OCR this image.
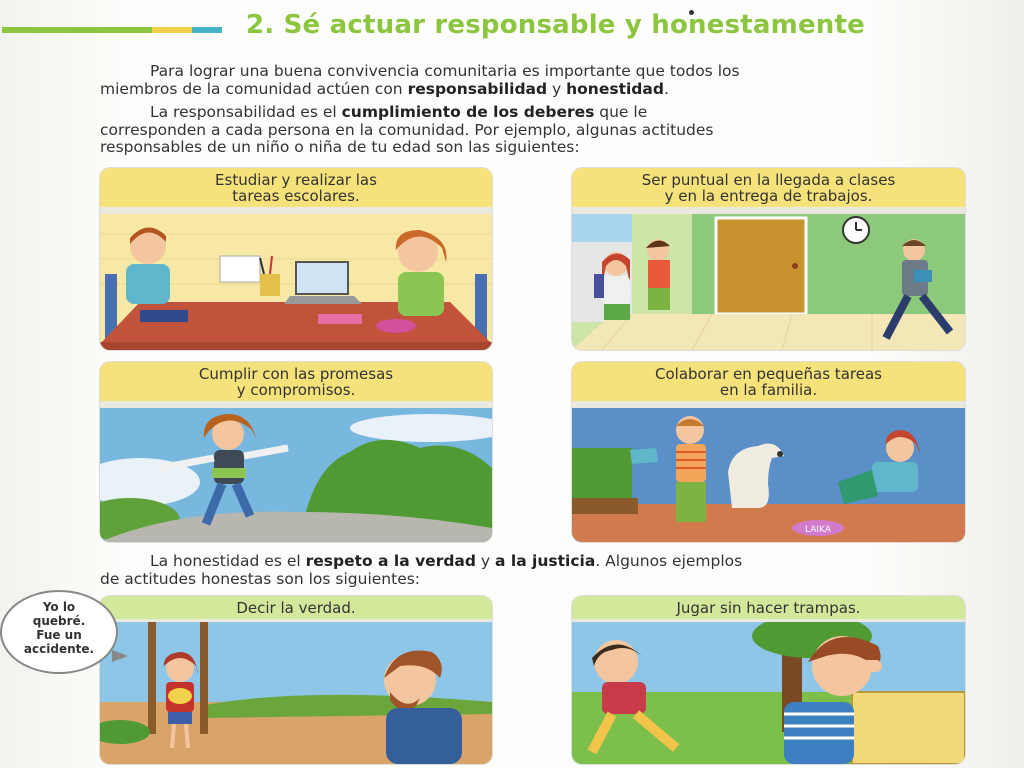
2. Sé actuar responsable y honestamente
Para lograr una buena convivencia comunitaria es importante que todos los
miembros de la comunidad actúen con responsabilidad y honestidad.
La responsabilidad es el cumplimiento de los deberes que le
corresponden a cada persona en la comunidad. Por ejemplo, algunas actitudes
responsables de un niño o niña de tu edad son las siguientes:
Estudiar y realizar las
tareas escolares.
Ser puntual en la llegada a clases
y en la entrega de trabajos.
Cumplir con las promesas
y compromisos.
Colaborar en pequeñas tareas
en la familia.
LAIKA
La honestidad es el respeto a la verdad y a la justicia. Algunos ejemplos
de actitudes honestas son los siguientes:
Decir la verdad.	Jugar sin hacer trampas.
Yo lo
quebré.
Fue un
accidente.
